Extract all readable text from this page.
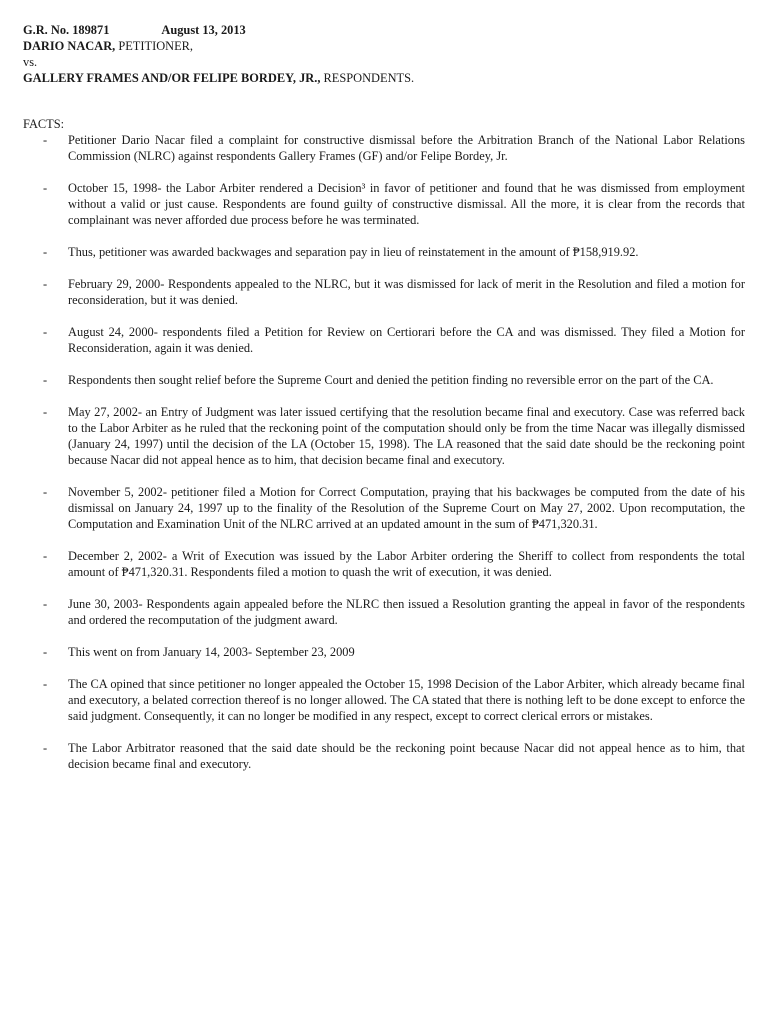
G.R. No. 189871	August 13, 2013
DARIO NACAR, PETITIONER,
vs.
GALLERY FRAMES AND/OR FELIPE BORDEY, JR., RESPONDENTS.
FACTS:
- Petitioner Dario Nacar filed a complaint for constructive dismissal before the Arbitration Branch of the National Labor Relations Commission (NLRC) against respondents Gallery Frames (GF) and/or Felipe Bordey, Jr.
- October 15, 1998- the Labor Arbiter rendered a Decision³ in favor of petitioner and found that he was dismissed from employment without a valid or just cause. Respondents are found guilty of constructive dismissal. All the more, it is clear from the records that complainant was never afforded due process before he was terminated.
- Thus, petitioner was awarded backwages and separation pay in lieu of reinstatement in the amount of ₱158,919.92.
- February 29, 2000- Respondents appealed to the NLRC, but it was dismissed for lack of merit in the Resolution and filed a motion for reconsideration, but it was denied.
- August 24, 2000- respondents filed a Petition for Review on Certiorari before the CA and was dismissed. They filed a Motion for Reconsideration, again it was denied.
- Respondents then sought relief before the Supreme Court and denied the petition finding no reversible error on the part of the CA.
- May 27, 2002- an Entry of Judgment was later issued certifying that the resolution became final and executory. Case was referred back to the Labor Arbiter as he ruled that the reckoning point of the computation should only be from the time Nacar was illegally dismissed (January 24, 1997) until the decision of the LA (October 15, 1998). The LA reasoned that the said date should be the reckoning point because Nacar did not appeal hence as to him, that decision became final and executory.
- November 5, 2002- petitioner filed a Motion for Correct Computation, praying that his backwages be computed from the date of his dismissal on January 24, 1997 up to the finality of the Resolution of the Supreme Court on May 27, 2002. Upon recomputation, the Computation and Examination Unit of the NLRC arrived at an updated amount in the sum of ₱471,320.31.
- December 2, 2002- a Writ of Execution was issued by the Labor Arbiter ordering the Sheriff to collect from respondents the total amount of ₱471,320.31. Respondents filed a motion to quash the writ of execution, it was denied.
- June 30, 2003- Respondents again appealed before the NLRC then issued a Resolution granting the appeal in favor of the respondents and ordered the recomputation of the judgment award.
- This went on from January 14, 2003- September 23, 2009
- The CA opined that since petitioner no longer appealed the October 15, 1998 Decision of the Labor Arbiter, which already became final and executory, a belated correction thereof is no longer allowed. The CA stated that there is nothing left to be done except to enforce the said judgment. Consequently, it can no longer be modified in any respect, except to correct clerical errors or mistakes.
- The Labor Arbitrator reasoned that the said date should be the reckoning point because Nacar did not appeal hence as to him, that decision became final and executory.
